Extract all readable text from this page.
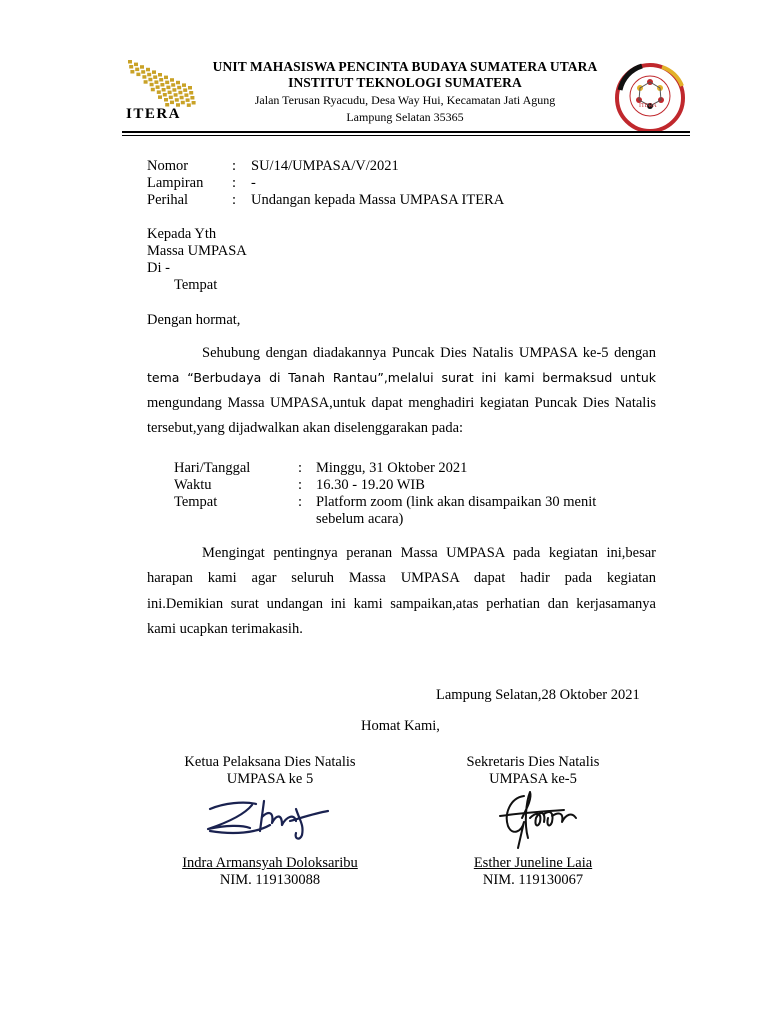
ITERA
UNIT MAHASISWA PENCINTA BUDAYA SUMATERA UTARA
INSTITUT TEKNOLOGI SUMATERA
Jalan Terusan Ryacudu, Desa Way Hui, Kecamatan Jati Agung
Lampung Selatan 35365
ITERA
Nomor	: SU/14/UMPASA/V/2021
Lampiran : -
Perihal	: Undangan kepada Massa UMPASA ITERA
Kepada Yth
Massa UMPASA
Di -
Tempat
Dengan hormat,
Sehubung dengan diadakannya Puncak Dies Natalis UMPASA ke-5 dengan
tema “Berbudaya di Tanah Rantau”,melalui surat ini kami bermaksud untuk
mengundang Massa UMPASA,untuk dapat menghadiri kegiatan Puncak Dies Natalis
tersebut,yang dijadwalkan akan diselenggarakan pada:
Hari/Tanggal	: Minggu, 31 Oktober 2021
Waktu	: 16.30 - 19.20 WIB
Tempat	: Platform zoom (link akan disampaikan 30 menit
sebelum acara)
Mengingat pentingnya peranan Massa UMPASA pada kegiatan ini,besar
harapan kami agar seluruh Massa UMPASA dapat hadir pada kegiatan
ini.Demikian surat undangan ini kami sampaikan,atas perhatian dan kerjasamanya
kami ucapkan terimakasih.
Lampung Selatan,28 Oktober 2021
Homat Kami,
Ketua Pelaksana Dies Natalis
UMPASA ke 5
Indra Armansyah Doloksaribu
NIM. 119130088
Sekretaris Dies Natalis
UMPASA ke-5
Esther Juneline Laia
NIM. 119130067
